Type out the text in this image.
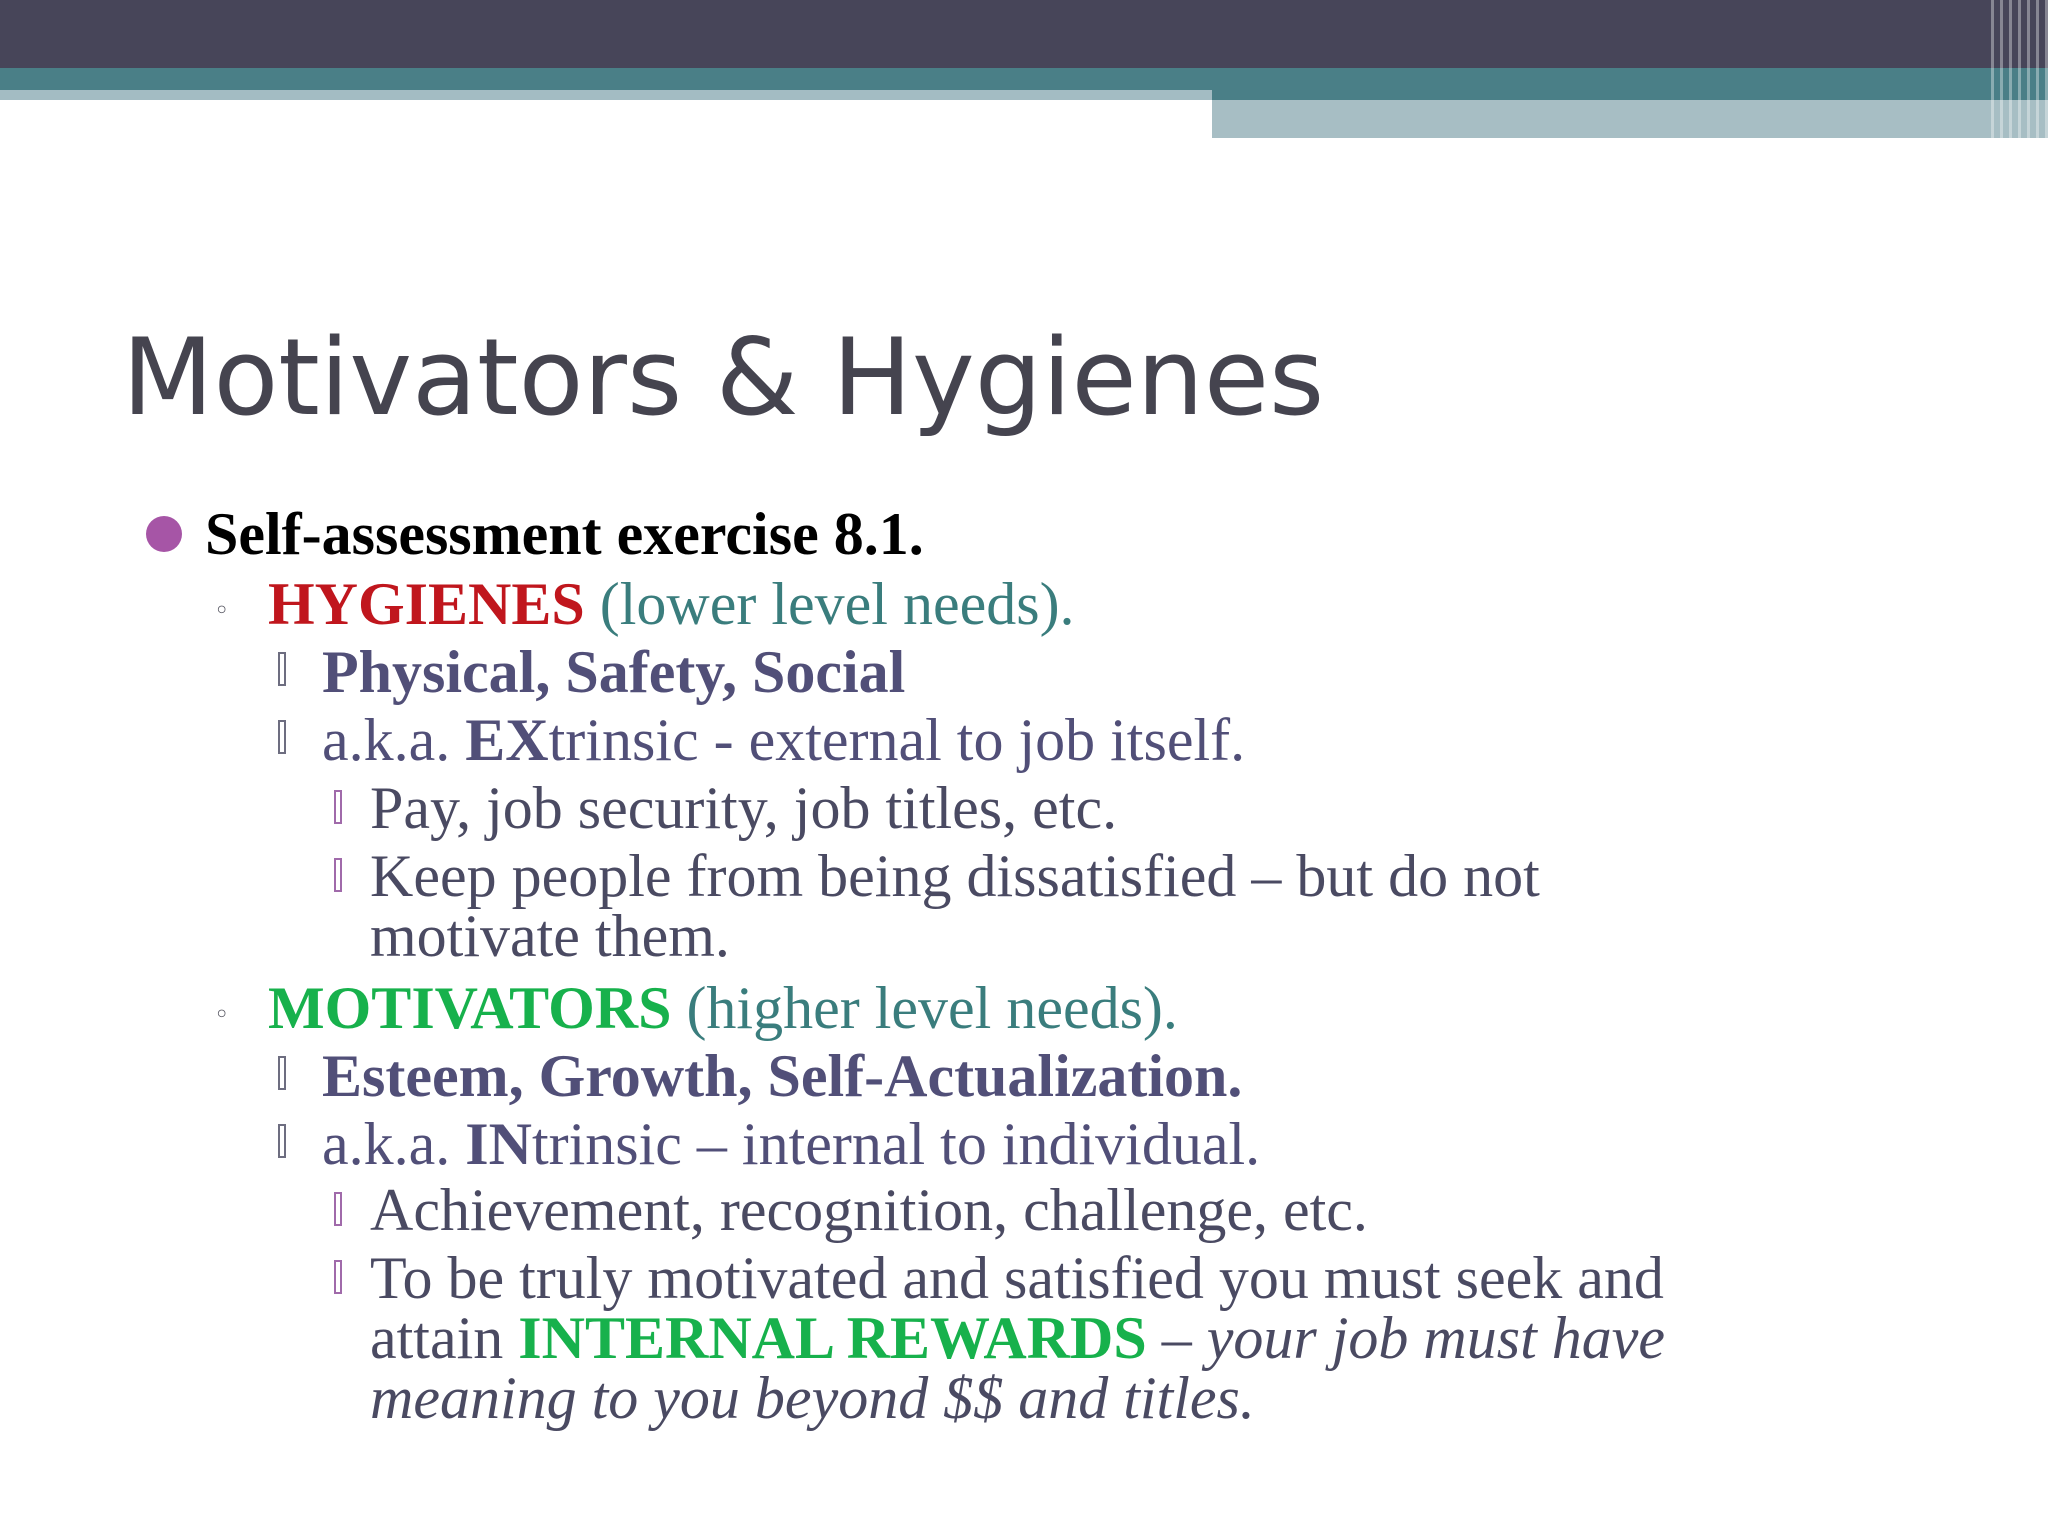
Motivators & Hygienes
Self-assessment exercise 8.1.
◦ HYGIENES (lower level needs).
Physical, Safety, Social
a.k.a. EXtrinsic - external to job itself.
Pay, job security, job titles, etc.
Keep people from being dissatisfied – but do not
motivate them.
◦ MOTIVATORS (higher level needs).
Esteem, Growth, Self-Actualization.
a.k.a. INtrinsic – internal to individual.
Achievement, recognition, challenge, etc.
To be truly motivated and satisfied you must seek and
attain INTERNAL REWARDS – your job must have
meaning to you beyond $$ and titles.
